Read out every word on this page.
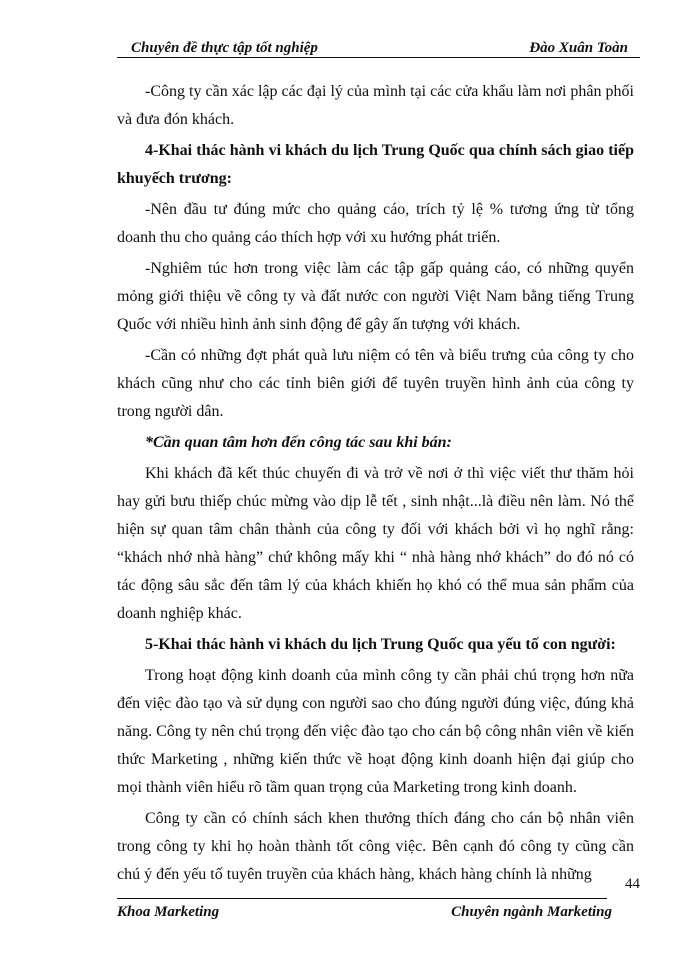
Chuyên đề thực tập tốt nghiệp	Đào Xuân Toàn

-Công ty cần xác lập các đại lý của mình tại các cửa khẩu làm nơi phân phối và đưa đón khách.

4-Khai thác hành vi khách du lịch Trung Quốc qua chính sách giao tiếp khuyếch trương:

-Nên đầu tư đúng mức cho quảng cáo, trích tỷ lệ % tương ứng từ tổng doanh thu cho quảng cáo thích hợp với xu hướng phát triển.

-Nghiêm túc hơn trong việc làm các tập gấp quảng cáo, có những quyển mỏng giới thiệu về công ty và đất nước con người Việt Nam bằng tiếng Trung Quốc với nhiều hình ảnh sinh động để gây ấn tượng với khách.

-Cần có những đợt phát quà lưu niệm có tên và biểu trưng của công ty cho khách cũng như cho các tỉnh biên giới để tuyên truyền hình ảnh của công ty trong người dân.

*Cần quan tâm hơn đến công tác sau khi bán:

Khi khách đã kết thúc chuyến đi và trở về nơi ở thì việc viết thư thăm hỏi hay gửi bưu thiếp chúc mừng vào dịp lễ tết , sinh nhật...là điều nên làm. Nó thể hiện sự quan tâm chân thành của công ty đối với khách bởi vì họ nghĩ rằng: “khách nhớ nhà hàng” chứ không mấy khi “ nhà hàng nhớ khách” do đó nó có tác động sâu sắc đến tâm lý của khách khiến họ khó có thể mua sản phẩm của doanh nghiệp khác.

5-Khai thác hành vi khách du lịch Trung Quốc qua yếu tố con người:

Trong hoạt động kinh doanh của mình công ty cần phải chú trọng hơn nữa đến việc đào tạo và sử dụng con người sao cho đúng người đúng việc, đúng khả năng. Công ty nên chú trọng đến việc đào tạo cho cán bộ công nhân viên về kiến thức Marketing , những kiến thức về hoạt động kinh doanh hiện đại giúp cho mọi thành viên hiểu rõ tầm quan trọng của Marketing trong kinh doanh.

Công ty cần có chính sách khen thưởng thích đáng cho cán bộ nhân viên trong công ty khi họ hoàn thành tốt công việc. Bên cạnh đó công ty cũng cần chú ý đến yếu tố tuyên truyền của khách hàng, khách hàng chính là những

44
Khoa Marketing	Chuyên ngành Marketing
